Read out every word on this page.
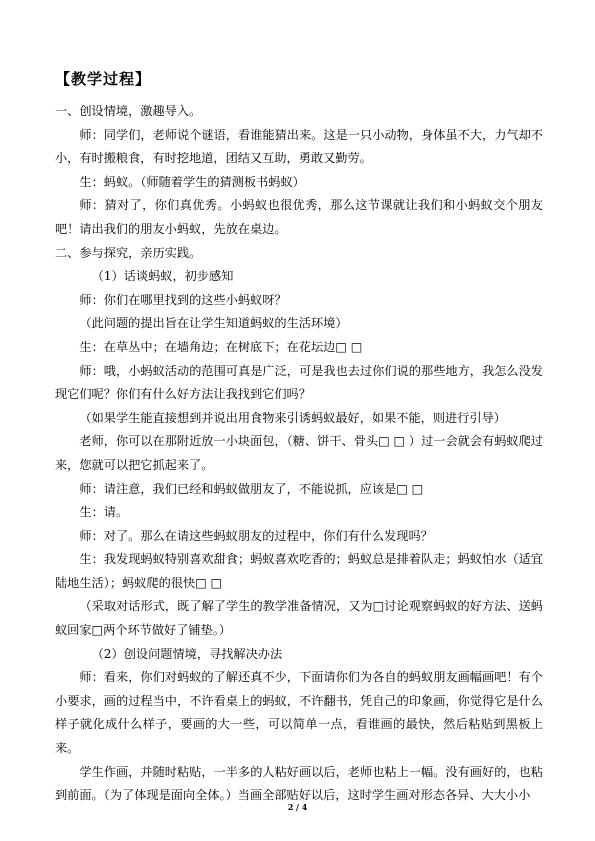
【教学过程】

一、创设情境，激趣导入。

师：同学们，老师说个谜语，看谁能猜出来。这是一只小动物，身体虽不大，力气却不小，有时搬粮食，有时挖地道，团结又互助，勇敢又勤劳。

生：蚂蚁。（师随着学生的猜测板书蚂蚁）

师：猜对了，你们真优秀。小蚂蚁也很优秀，那么这节课就让我们和小蚂蚁交个朋友吧！请出我们的朋友小蚂蚁，先放在桌边。

二、参与探究，亲历实践。

（1）话谈蚂蚁，初步感知

师：你们在哪里找到的这些小蚂蚁呀？

（此问题的提出旨在让学生知道蚂蚁的生活环境）

生：在草丛中；在墙角边；在树底下；在花坛边□ □

师：哦，小蚂蚁活动的范围可真是广泛，可是我也去过你们说的那些地方，我怎么没发现它们呢？你们有什么好方法让我找到它们吗？

（如果学生能直接想到并说出用食物来引诱蚂蚁最好，如果不能，则进行引导）

老师，你可以在那附近放一小块面包，（糖、饼干、骨头□ □ ）过一会就会有蚂蚁爬过来，您就可以把它抓起来了。

师：请注意，我们已经和蚂蚁做朋友了，不能说抓，应该是□ □

生：请。

师：对了。那么在请这些蚂蚁朋友的过程中，你们有什么发现吗？

生：我发现蚂蚁特别喜欢甜食；蚂蚁喜欢吃香的；蚂蚁总是排着队走；蚂蚁怕水（适宜陆地生活）；蚂蚁爬的很快□ □

（采取对话形式，既了解了学生的教学准备情况，又为□讨论观察蚂蚁的好方法、送蚂蚁回家□两个环节做好了铺垫。）

（2）创设问题情境，寻找解决办法

师：看来，你们对蚂蚁的了解还真不少，下面请你们为各自的蚂蚁朋友画幅画吧！有个小要求，画的过程当中，不许看桌上的蚂蚁，不许翻书，凭自己的印象画，你觉得它是什么样子就化成什么样子，要画的大一些，可以简单一点，看谁画的最快，然后粘贴到黑板上来。

学生作画，并随时粘贴，一半多的人粘好画以后，老师也粘上一幅。没有画好的，也粘到前面。（为了体现是面向全体。）当画全部贴好以后，这时学生画对形态各异、大大小小

2 / 4
